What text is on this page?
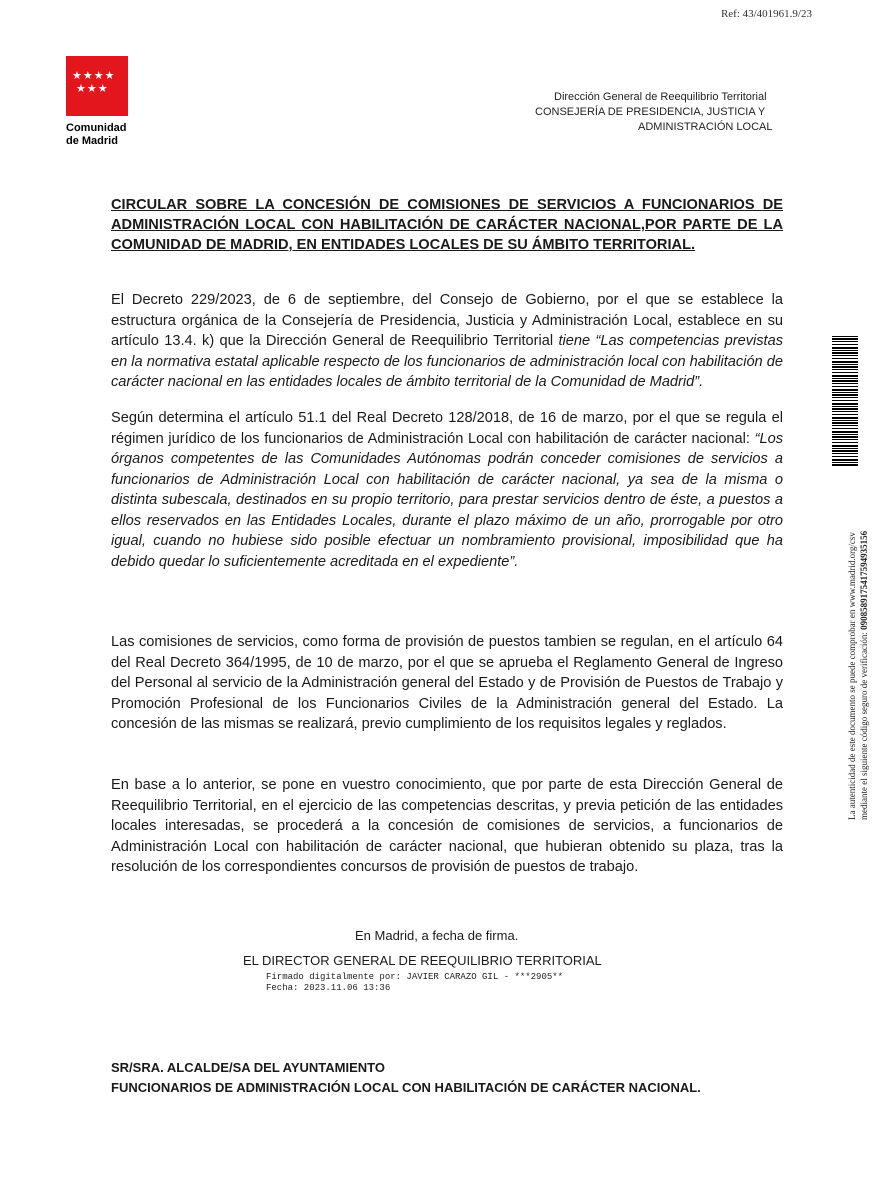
Ref: 43/401961.9/23
★★★★
★★★
Comunidad
de Madrid
Dirección General de Reequilibrio Territorial
CONSEJERÍA DE PRESIDENCIA, JUSTICIA Y
ADMINISTRACIÓN LOCAL
CIRCULAR SOBRE LA CONCESIÓN DE COMISIONES DE SERVICIOS A FUNCIONARIOS DE ADMINISTRACIÓN LOCAL CON HABILITACIÓN DE CARÁCTER NACIONAL,POR PARTE DE LA COMUNIDAD DE MADRID, EN ENTIDADES LOCALES DE SU ÁMBITO TERRITORIAL.
El Decreto 229/2023, de 6 de septiembre, del Consejo de Gobierno, por el que se establece la estructura orgánica de la Consejería de Presidencia, Justicia y Administración Local, establece en su artículo 13.4. k) que la Dirección General de Reequilibrio Territorial tiene “Las competencias previstas en la normativa estatal aplicable respecto de los funcionarios de administración local con habilitación de carácter nacional en las entidades locales de ámbito territorial de la Comunidad de Madrid”.
Según determina el artículo 51.1 del Real Decreto 128/2018, de 16 de marzo, por el que se regula el régimen jurídico de los funcionarios de Administración Local con habilitación de carácter nacional: “Los órganos competentes de las Comunidades Autónomas podrán conceder comisiones de servicios a funcionarios de Administración Local con habilitación de carácter nacional, ya sea de la misma o distinta subescala, destinados en su propio territorio, para prestar servicios dentro de éste, a puestos a ellos reservados en las Entidades Locales, durante el plazo máximo de un año, prorrogable por otro igual, cuando no hubiese sido posible efectuar un nombramiento provisional, imposibilidad que ha debido quedar lo suficientemente acreditada en el expediente”.
Las comisiones de servicios, como forma de provisión de puestos tambien se regulan, en el artículo 64 del Real Decreto 364/1995, de 10 de marzo, por el que se aprueba el Reglamento General de Ingreso del Personal al servicio de la Administración general del Estado y de Provisión de Puestos de Trabajo y Promoción Profesional de los Funcionarios Civiles de la Administración general del Estado. La concesión de las mismas se realizará, previo cumplimiento de los requisitos legales y reglados.
En base a lo anterior, se pone en vuestro conocimiento, que por parte de esta Dirección General de Reequilibrio Territorial, en el ejercicio de las competencias descritas, y previa petición de las entidades locales interesadas, se procederá a la concesión de comisiones de servicios, a funcionarios de Administración Local con habilitación de carácter nacional, que hubieran obtenido su plaza, tras la resolución de los correspondientes concursos de provisión de puestos de trabajo.
En Madrid, a fecha de firma.
EL DIRECTOR GENERAL DE REEQUILIBRIO TERRITORIAL
Firmado digitalmente por: JAVIER CARAZO GIL - ***2905**
Fecha: 2023.11.06 13:36
SR/SRA. ALCALDE/SA DEL AYUNTAMIENTO
FUNCIONARIOS DE ADMINISTRACIÓN LOCAL CON HABILITACIÓN DE CARÁCTER NACIONAL.
La autenticidad de este documento se puede comprobar en www.madrid.org/csv mediante el siguiente código seguro de verificación: 0908589175417594935156
